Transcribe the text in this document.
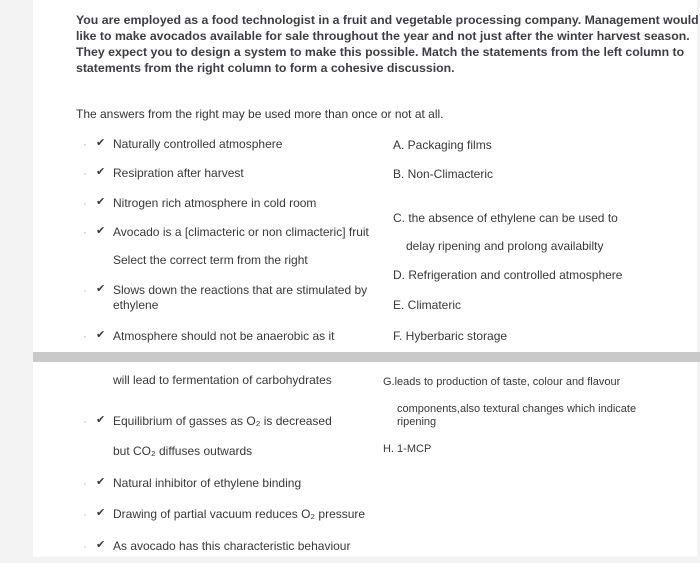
You are employed as a food technologist in a fruit and vegetable processing company. Management would like to make avocados available for sale throughout the year and not just after the winter harvest season. They expect you to design a system to make this possible. Match the statements from the left column to statements from the right column to form a cohesive discussion.

The answers from the right may be used more than once or not at all.

· ✔ Naturally controlled atmosphere
· ✔ Resipration after harvest
· ✔ Nitrogen rich atmosphere in cold room
· ✔ Avocado is a [climacteric or non climacteric] fruit
Select the correct term from the right
· ✔ Slows down the reactions that are stimulated by
ethylene
· ✔ Atmosphere should not be anaerobic as it
will lead to fermentation of carbohydrates
· ✔ Equilibrium of gasses as O₂ is decreased
but CO₂ diffuses outwards
· ✔ Natural inhibitor of ethylene binding
· ✔ Drawing of partial vacuum reduces O₂ pressure
· ✔ As avocado has this characteristic behaviour
A. Packaging films
B. Non-Climacteric
C. the absence of ethylene can be used to
delay ripening and prolong availabilty
D. Refrigeration and controlled atmosphere
E. Climateric
F. Hyberbaric storage
G.leads to production of taste, colour and flavour
components,also textural changes which indicate
ripening
H. 1-MCP
